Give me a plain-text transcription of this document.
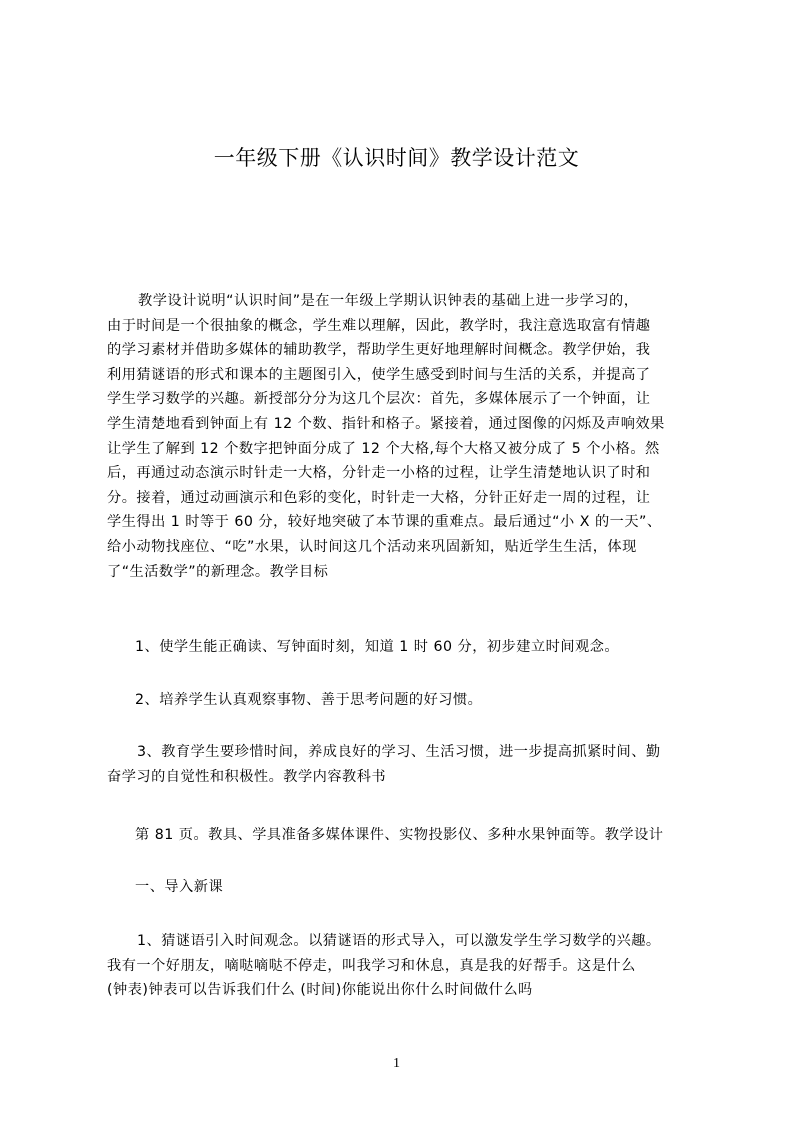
一年级下册《认识时间》教学设计范文
教学设计说明“认识时间”是在一年级上学期认识钟表的基础上进一步学习的，
由于时间是一个很抽象的概念，学生难以理解，因此，教学时，我注意选取富有情趣
的学习素材并借助多媒体的辅助教学，帮助学生更好地理解时间概念。教学伊始，我
利用猜谜语的形式和课本的主题图引入，使学生感受到时间与生活的关系，并提高了
学生学习数学的兴趣。新授部分分为这几个层次：首先，多媒体展示了一个钟面，让
学生清楚地看到钟面上有 12 个数、指针和格子。紧接着，通过图像的闪烁及声响效果
让学生了解到 12 个数字把钟面分成了 12 个大格,每个大格又被分成了 5 个小格。然
后，再通过动态演示时针走一大格，分针走一小格的过程，让学生清楚地认识了时和
分。接着，通过动画演示和色彩的变化，时针走一大格，分针正好走一周的过程，让
学生得出 1 时等于 60 分，较好地突破了本节课的重难点。最后通过“小 X 的一天”、
给小动物找座位、“吃”水果，认时间这几个活动来巩固新知，贴近学生生活，体现
了“生活数学”的新理念。教学目标
1、使学生能正确读、写钟面时刻，知道 1 时 60 分，初步建立时间观念。
2、培养学生认真观察事物、善于思考问题的好习惯。
3、教育学生要珍惜时间，养成良好的学习、生活习惯，进一步提高抓紧时间、勤
奋学习的自觉性和积极性。教学内容教科书
第 81 页。教具、学具准备多媒体课件、实物投影仪、多种水果钟面等。教学设计
一、导入新课
1、猜谜语引入时间观念。以猜谜语的形式导入，可以激发学生学习数学的兴趣。
我有一个好朋友，嘀哒嘀哒不停走，叫我学习和休息，真是我的好帮手。这是什么
(钟表)钟表可以告诉我们什么 (时间)你能说出你什么时间做什么吗
1
